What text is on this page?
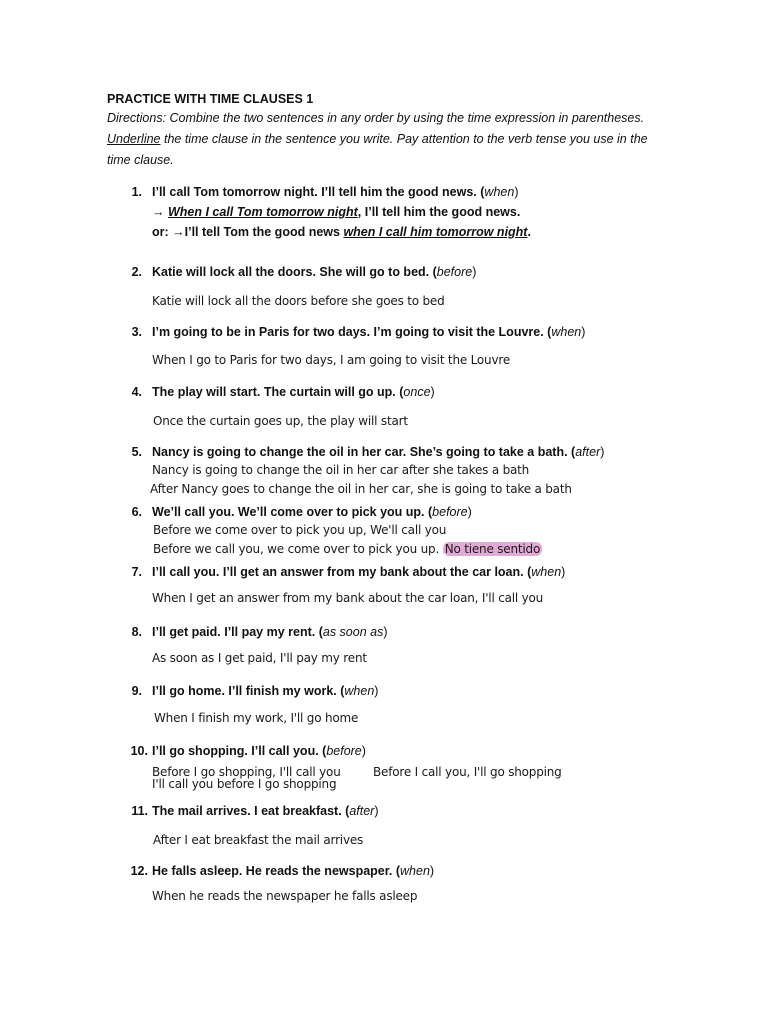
PRACTICE WITH TIME CLAUSES 1
Directions: Combine the two sentences in any order by using the time expression in parentheses.
Underline the time clause in the sentence you write. Pay attention to the verb tense you use in the
time clause.
1. I’ll call Tom tomorrow night. I’ll tell him the good news. (when)
→ When I call Tom tomorrow night, I’ll tell him the good news.
or: →I’ll tell Tom the good news when I call him tomorrow night.
2. Katie will lock all the doors. She will go to bed. (before)
Katie will lock all the doors before she goes to bed
3. I’m going to be in Paris for two days. I’m going to visit the Louvre. (when)
When I go to Paris for two days, I am going to visit the Louvre
4. The play will start. The curtain will go up. (once)
Once the curtain goes up, the play will start
5. Nancy is going to change the oil in her car. She’s going to take a bath. (after)
Nancy is going to change the oil in her car after she takes a bath
After Nancy goes to change the oil in her car, she is going to take a bath
6. We’ll call you. We’ll come over to pick you up. (before)
Before we come over to pick you up, We'll call you
Before we call you, we come over to pick you up. No tiene sentido
7. I’ll call you. I’ll get an answer from my bank about the car loan. (when)
When I get an answer from my bank about the car loan, I'll call you
8. I’ll get paid. I’ll pay my rent. (as soon as)
As soon as I get paid, I'll pay my rent
9. I’ll go home. I’ll finish my work. (when)
When I finish my work, I'll go home
10. I’ll go shopping. I’ll call you. (before)
Before I go shopping, I'll call you	Before I call you, I'll go shopping
I'll call you before I go shopping
11. The mail arrives. I eat breakfast. (after)
After I eat breakfast the mail arrives
12. He falls asleep. He reads the newspaper. (when)
When he reads the newspaper he falls asleep
